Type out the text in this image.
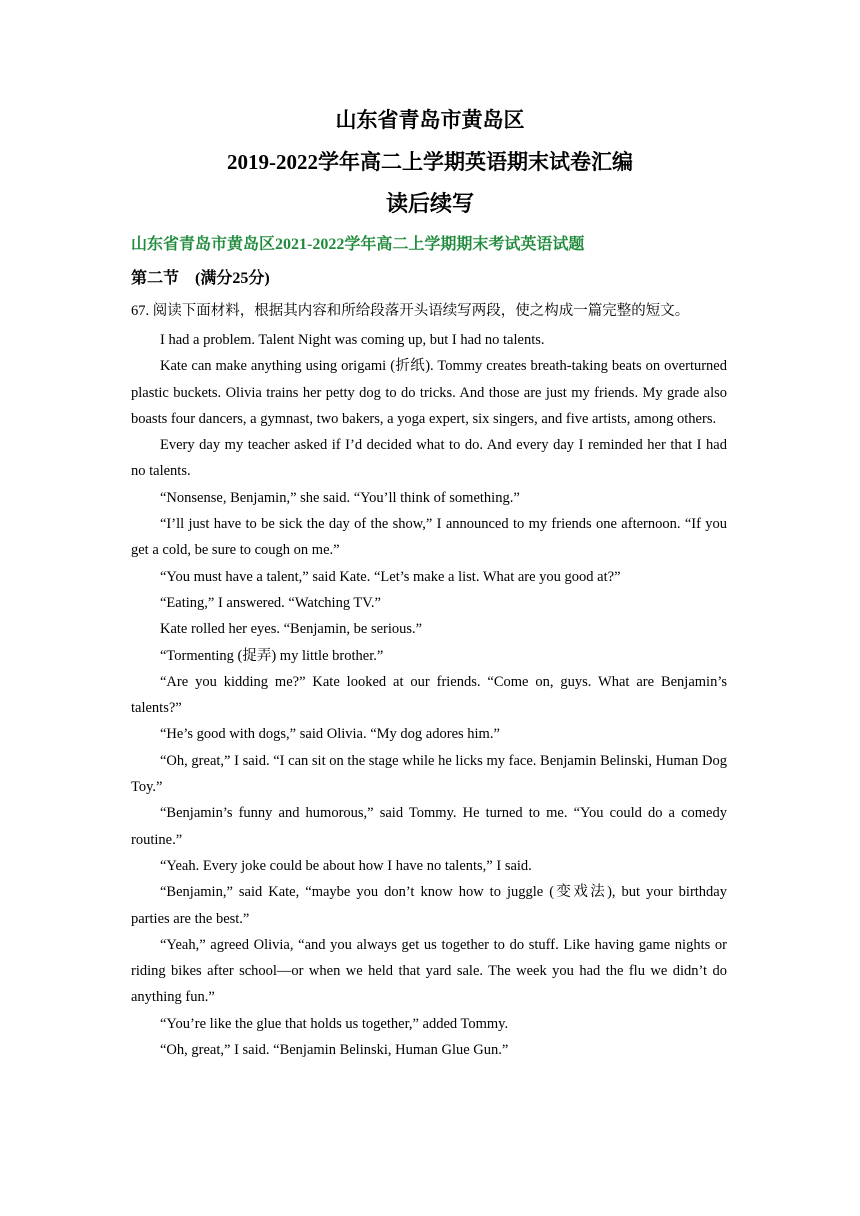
山东省青岛市黄岛区
2019-2022学年高二上学期英语期末试卷汇编
读后续写
山东省青岛市黄岛区2021-2022学年高二上学期期末考试英语试题
第二节　(满分25分)

67. 阅读下面材料，根据其内容和所给段落开头语续写两段，使之构成一篇完整的短文。

I had a problem. Talent Night was coming up, but I had no talents.

Kate can make anything using origami (折纸). Tommy creates breath-taking beats on overturned plastic buckets. Olivia trains her petty dog to do tricks. And those are just my friends. My grade also boasts four dancers, a gymnast, two bakers, a yoga expert, six singers, and five artists, among others.

Every day my teacher asked if I’d decided what to do. And every day I reminded her that I had no talents.

“Nonsense, Benjamin,” she said. “You’ll think of something.”

“I’ll just have to be sick the day of the show,” I announced to my friends one afternoon. “If you get a cold, be sure to cough on me.”

“You must have a talent,” said Kate. “Let’s make a list. What are you good at?”

“Eating,” I answered. “Watching TV.”

Kate rolled her eyes. “Benjamin, be serious.”

“Tormenting (捉弄) my little brother.”

“Are you kidding me?” Kate looked at our friends. “Come on, guys. What are Benjamin’s talents?”

“He’s good with dogs,” said Olivia. “My dog adores him.”

“Oh, great,” I said. “I can sit on the stage while he licks my face. Benjamin Belinski, Human Dog Toy.”

“Benjamin’s funny and humorous,” said Tommy. He turned to me. “You could do a comedy routine.”

“Yeah. Every joke could be about how I have no talents,” I said.

“Benjamin,” said Kate, “maybe you don’t know how to juggle (变戏法), but your birthday parties are the best.”

“Yeah,” agreed Olivia, “and you always get us together to do stuff. Like having game nights or riding bikes after school—or when we held that yard sale. The week you had the flu we didn’t do anything fun.”

“You’re like the glue that holds us together,” added Tommy.

“Oh, great,” I said. “Benjamin Belinski, Human Glue Gun.”
